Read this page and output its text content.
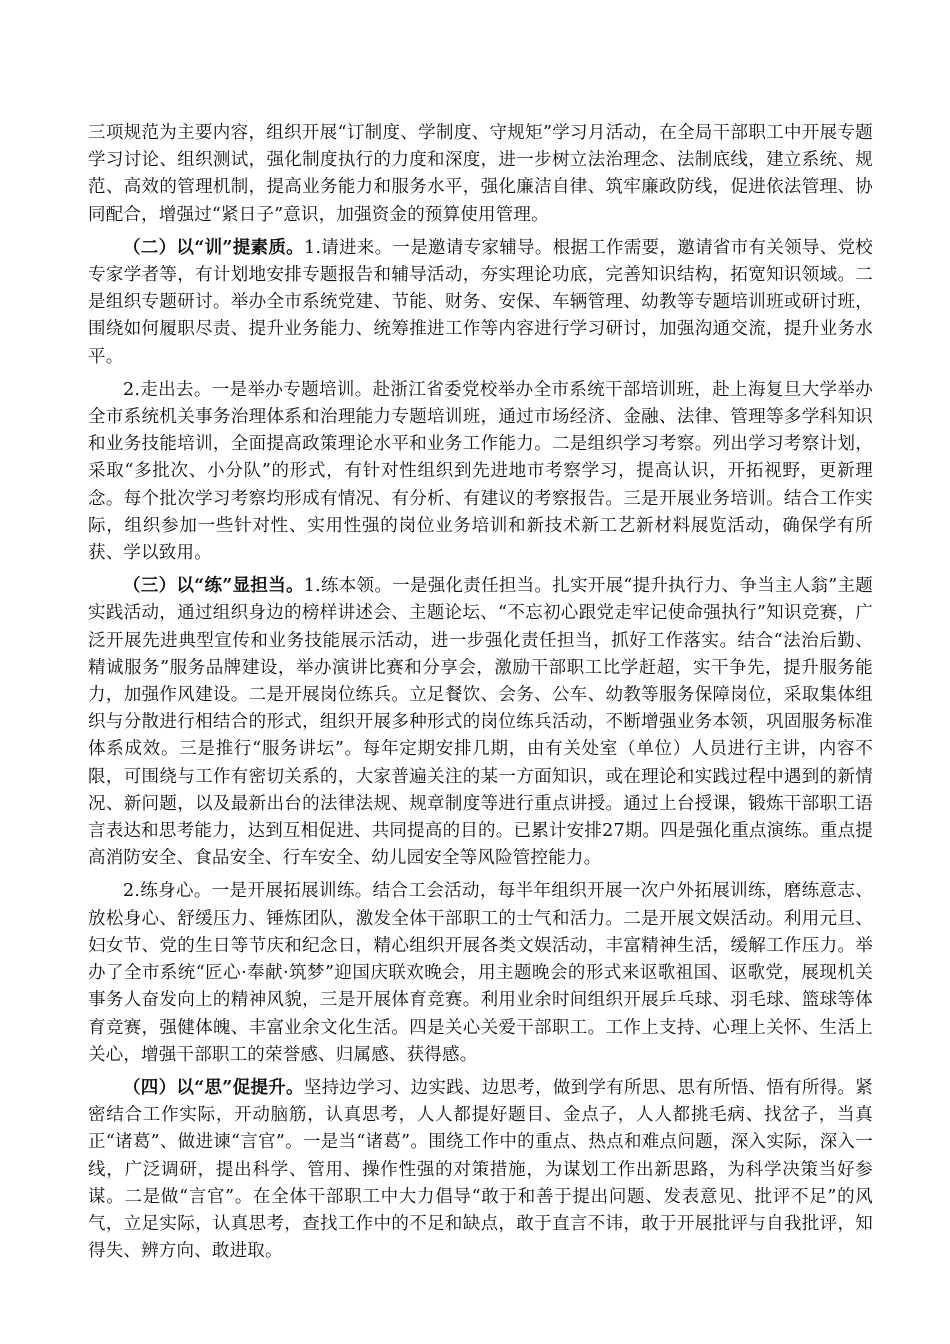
三项规范为主要内容，组织开展“订制度、学制度、守规矩”学习月活动，在全局干部职工中开展专题学习讨论、组织测试，强化制度执行的力度和深度，进一步树立法治理念、法制底线，建立系统、规范、高效的管理机制，提高业务能力和服务水平，强化廉洁自律、筑牢廉政防线，促进依法管理、协同配合，增强过“紧日子”意识，加强资金的预算使用管理。

（二）以“训”提素质。1.请进来。一是邀请专家辅导。根据工作需要，邀请省市有关领导、党校专家学者等，有计划地安排专题报告和辅导活动，夯实理论功底，完善知识结构，拓宽知识领域。二是组织专题研讨。举办全市系统党建、节能、财务、安保、车辆管理、幼教等专题培训班或研讨班，围绕如何履职尽责、提升业务能力、统筹推进工作等内容进行学习研讨，加强沟通交流，提升业务水平。

2.走出去。一是举办专题培训。赴浙江省委党校举办全市系统干部培训班，赴上海复旦大学举办全市系统机关事务治理体系和治理能力专题培训班，通过市场经济、金融、法律、管理等多学科知识和业务技能培训，全面提高政策理论水平和业务工作能力。二是组织学习考察。列出学习考察计划，采取“多批次、小分队”的形式，有针对性组织到先进地市考察学习，提高认识，开拓视野，更新理念。每个批次学习考察均形成有情况、有分析、有建议的考察报告。三是开展业务培训。结合工作实际，组织参加一些针对性、实用性强的岗位业务培训和新技术新工艺新材料展览活动，确保学有所获、学以致用。

（三）以“练”显担当。1.练本领。一是强化责任担当。扎实开展“提升执行力、争当主人翁”主题实践活动，通过组织身边的榜样讲述会、主题论坛、“不忘初心跟党走牢记使命强执行”知识竞赛，广泛开展先进典型宣传和业务技能展示活动，进一步强化责任担当，抓好工作落实。结合“法治后勤、精诚服务”服务品牌建设，举办演讲比赛和分享会，激励干部职工比学赶超，实干争先，提升服务能力，加强作风建设。二是开展岗位练兵。立足餐饮、会务、公车、幼教等服务保障岗位，采取集体组织与分散进行相结合的形式，组织开展多种形式的岗位练兵活动，不断增强业务本领，巩固服务标准体系成效。三是推行“服务讲坛”。每年定期安排几期，由有关处室（单位）人员进行主讲，内容不限，可围绕与工作有密切关系的，大家普遍关注的某一方面知识，或在理论和实践过程中遇到的新情况、新问题，以及最新出台的法律法规、规章制度等进行重点讲授。通过上台授课，锻炼干部职工语言表达和思考能力，达到互相促进、共同提高的目的。已累计安排27期。四是强化重点演练。重点提高消防安全、食品安全、行车安全、幼儿园安全等风险管控能力。

2.练身心。一是开展拓展训练。结合工会活动，每半年组织开展一次户外拓展训练，磨练意志、放松身心、舒缓压力、锤炼团队，激发全体干部职工的士气和活力。二是开展文娱活动。利用元旦、妇女节、党的生日等节庆和纪念日，精心组织开展各类文娱活动，丰富精神生活，缓解工作压力。举办了全市系统“匠心·奉献·筑梦”迎国庆联欢晚会，用主题晚会的形式来讴歌祖国、讴歌党，展现机关事务人奋发向上的精神风貌，三是开展体育竞赛。利用业余时间组织开展乒乓球、羽毛球、篮球等体育竞赛，强健体魄、丰富业余文化生活。四是关心关爱干部职工。工作上支持、心理上关怀、生活上关心，增强干部职工的荣誉感、归属感、获得感。

（四）以“思”促提升。坚持边学习、边实践、边思考，做到学有所思、思有所悟、悟有所得。紧密结合工作实际，开动脑筋，认真思考，人人都提好题目、金点子，人人都挑毛病、找岔子，当真正“诸葛”、做进谏“言官”。一是当“诸葛”。围绕工作中的重点、热点和难点问题，深入实际，深入一线，广泛调研，提出科学、管用、操作性强的对策措施，为谋划工作出新思路，为科学决策当好参谋。二是做“言官”。在全体干部职工中大力倡导“敢于和善于提出问题、发表意见、批评不足”的风气，立足实际，认真思考，查找工作中的不足和缺点，敢于直言不讳，敢于开展批评与自我批评，知得失、辨方向、敢进取。
